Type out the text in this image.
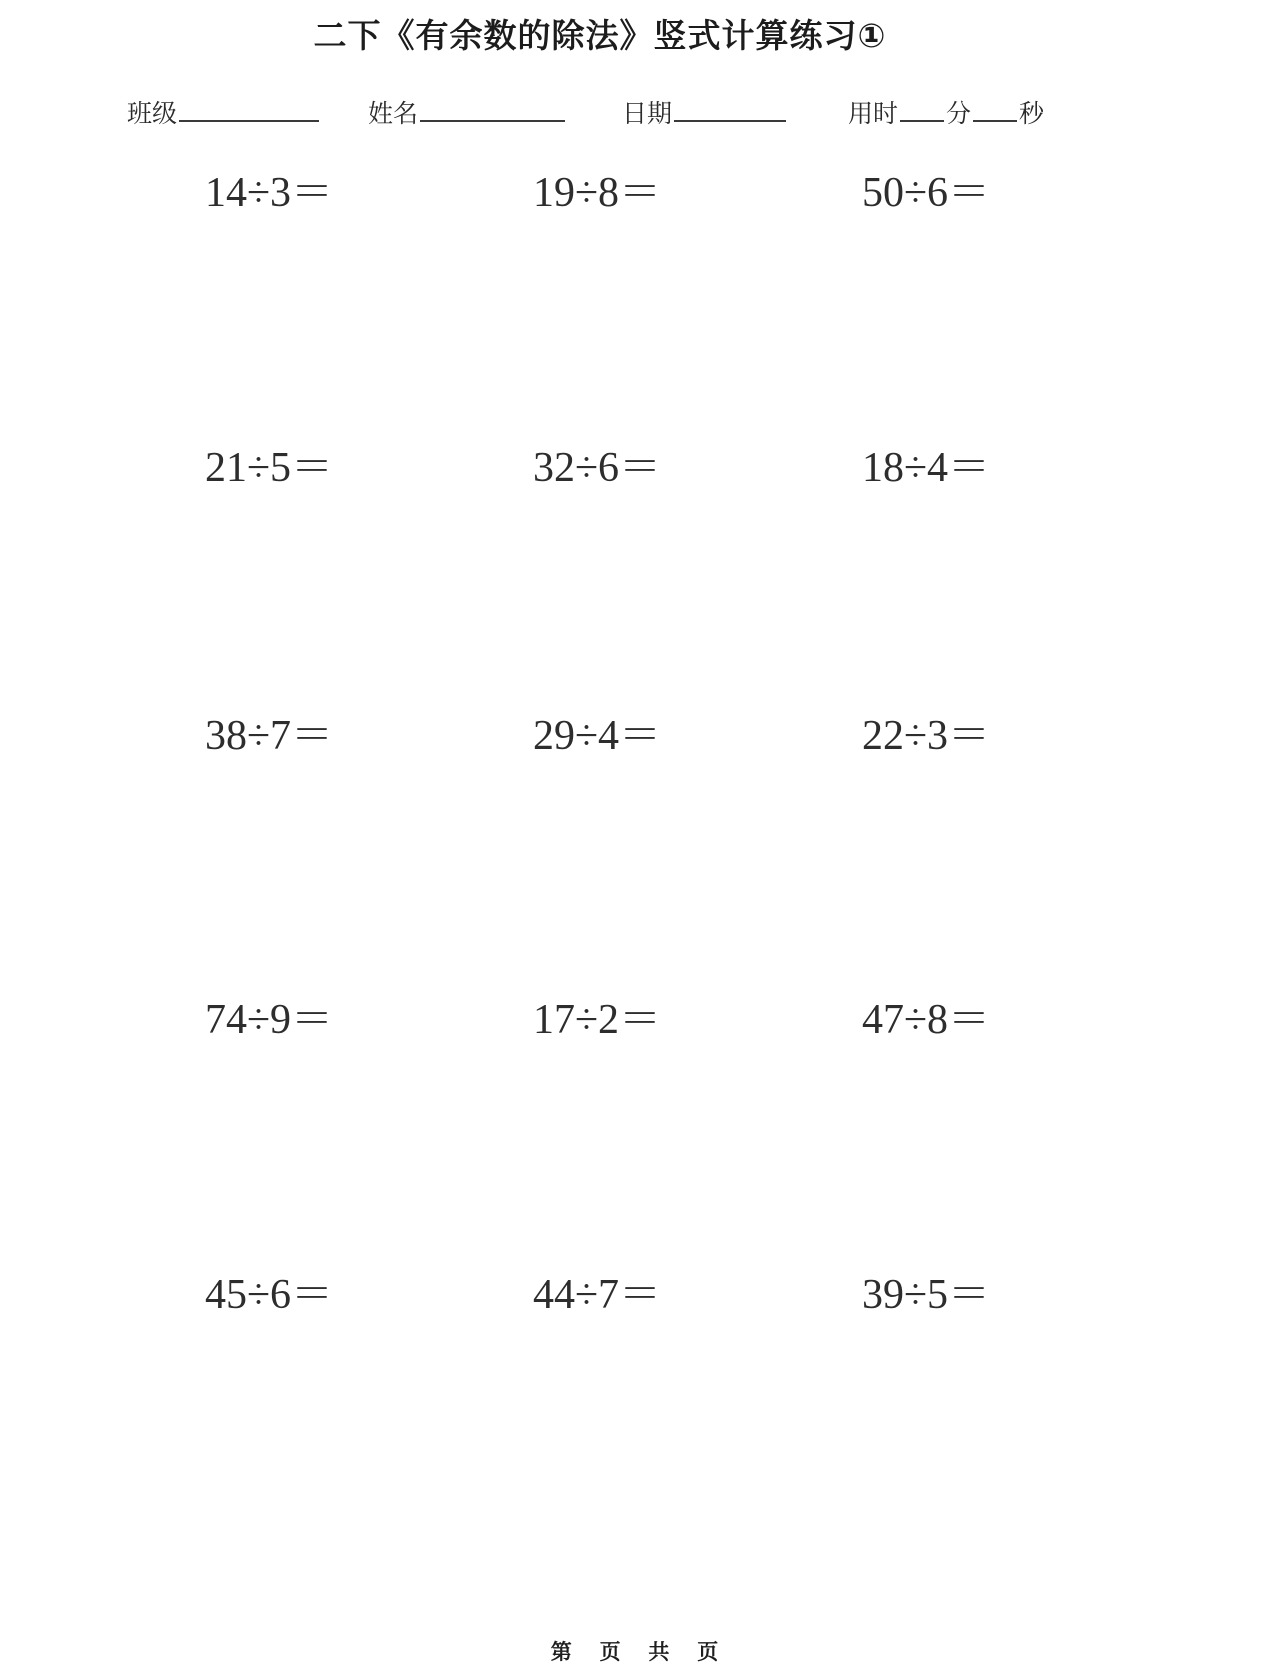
二下《有余数的除法》竖式计算练习①
班级	姓名	日期	用时 分 秒
14÷3＝	19÷8＝	50÷6＝
21÷5＝	32÷6＝	18÷4＝
38÷7＝	29÷4＝	22÷3＝
74÷9＝	17÷2＝	47÷8＝
45÷6＝	44÷7＝	39÷5＝
第 页 共 页
